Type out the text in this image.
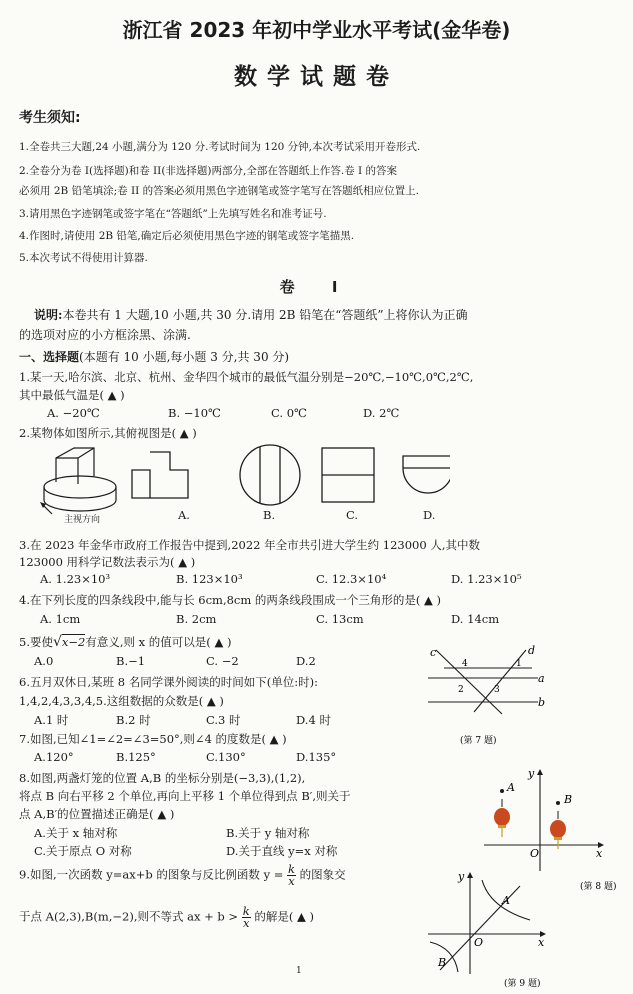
浙江省 2023 年初中学业水平考试(金华卷)
数学试题卷
考生须知:
1.全卷共三大题,24 小题,满分为 120 分.考试时间为 120 分钟,本次考试采用开卷形式.
2.全卷分为卷 I(选择题)和卷 II(非选择题)两部分,全部在答题纸上作答.卷 I 的答案
必须用 2B 铅笔填涂;卷 II 的答案必须用黑色字迹钢笔或签字笔写在答题纸相应位置上.
3.请用黑色字迹钢笔或签字笔在“答题纸”上先填写姓名和准考证号.
4.作图时,请使用 2B 铅笔,确定后必须使用黑色字迹的钢笔或签字笔描黑.
5.本次考试不得使用计算器.
卷 I
说明:本卷共有 1 大题,10 小题,共 30 分.请用 2B 铅笔在“答题纸”上将你认为正确
的选项对应的小方框涂黑、涂满.
一、选择题(本题有 10 小题,每小题 3 分,共 30 分)
1.某一天,哈尔滨、北京、杭州、金华四个城市的最低气温分别是−20℃,−10℃,0℃,2℃,
其中最低气温是( ▲ )
A. −20℃	B. −10℃	C. 0℃	D. 2℃
2.某物体如图所示,其俯视图是( ▲ )
主视方向	A.	B.	C.	D.
3.在 2023 年金华市政府工作报告中提到,2022 年全市共引进大学生约 123000 人,其中数
123000 用科学记数法表示为( ▲ )
A. 1.23×10³	B. 123×10³	C. 12.3×10⁴	D. 1.23×10⁵
4.在下列长度的四条线段中,能与长 6cm,8cm 的两条线段围成一个三角形的是( ▲ )
A. 1cm	B. 2cm	C. 13cm	D. 14cm
5.要使√x−2有意义,则 x 的值可以是( ▲ )
A.0	B.−1	C. −2	D.2
6.五月双休日,某班 8 名同学课外阅读的时间如下(单位:时):
1,4,2,4,3,3,4,5.这组数据的众数是( ▲ )
A.1 时	B.2 时	C.3 时	D.4 时
7.如图,已知∠1=∠2=∠3=50°,则∠4 的度数是( ▲ )
A.120°	B.125°	C.130°	D.135°
c	d
a
b
4	1
2	3
(第 7 题)
8.如图,两盏灯笼的位置 A,B 的坐标分别是(−3,3),(1,2),
将点 B 向右平移 2 个单位,再向上平移 1 个单位得到点 B′,则关于
点 A,B′的位置描述正确是( ▲ )
A.关于 x 轴对称	B.关于 y 轴对称
C.关于原点 O 对称	D.关于直线 y=x 对称	x
y
O
A
B
(第 8 题)
9.如图,一次函数 y=ax+b 的图象与反比例函数 $y = \frac{k}{x}$ 的图象交
于点 A(2,3),B(m,−2),则不等式 ax + $b > \frac{k}{x}$ 的解是( ▲ )
x
y
O
A
B
(第 9 题)
1
